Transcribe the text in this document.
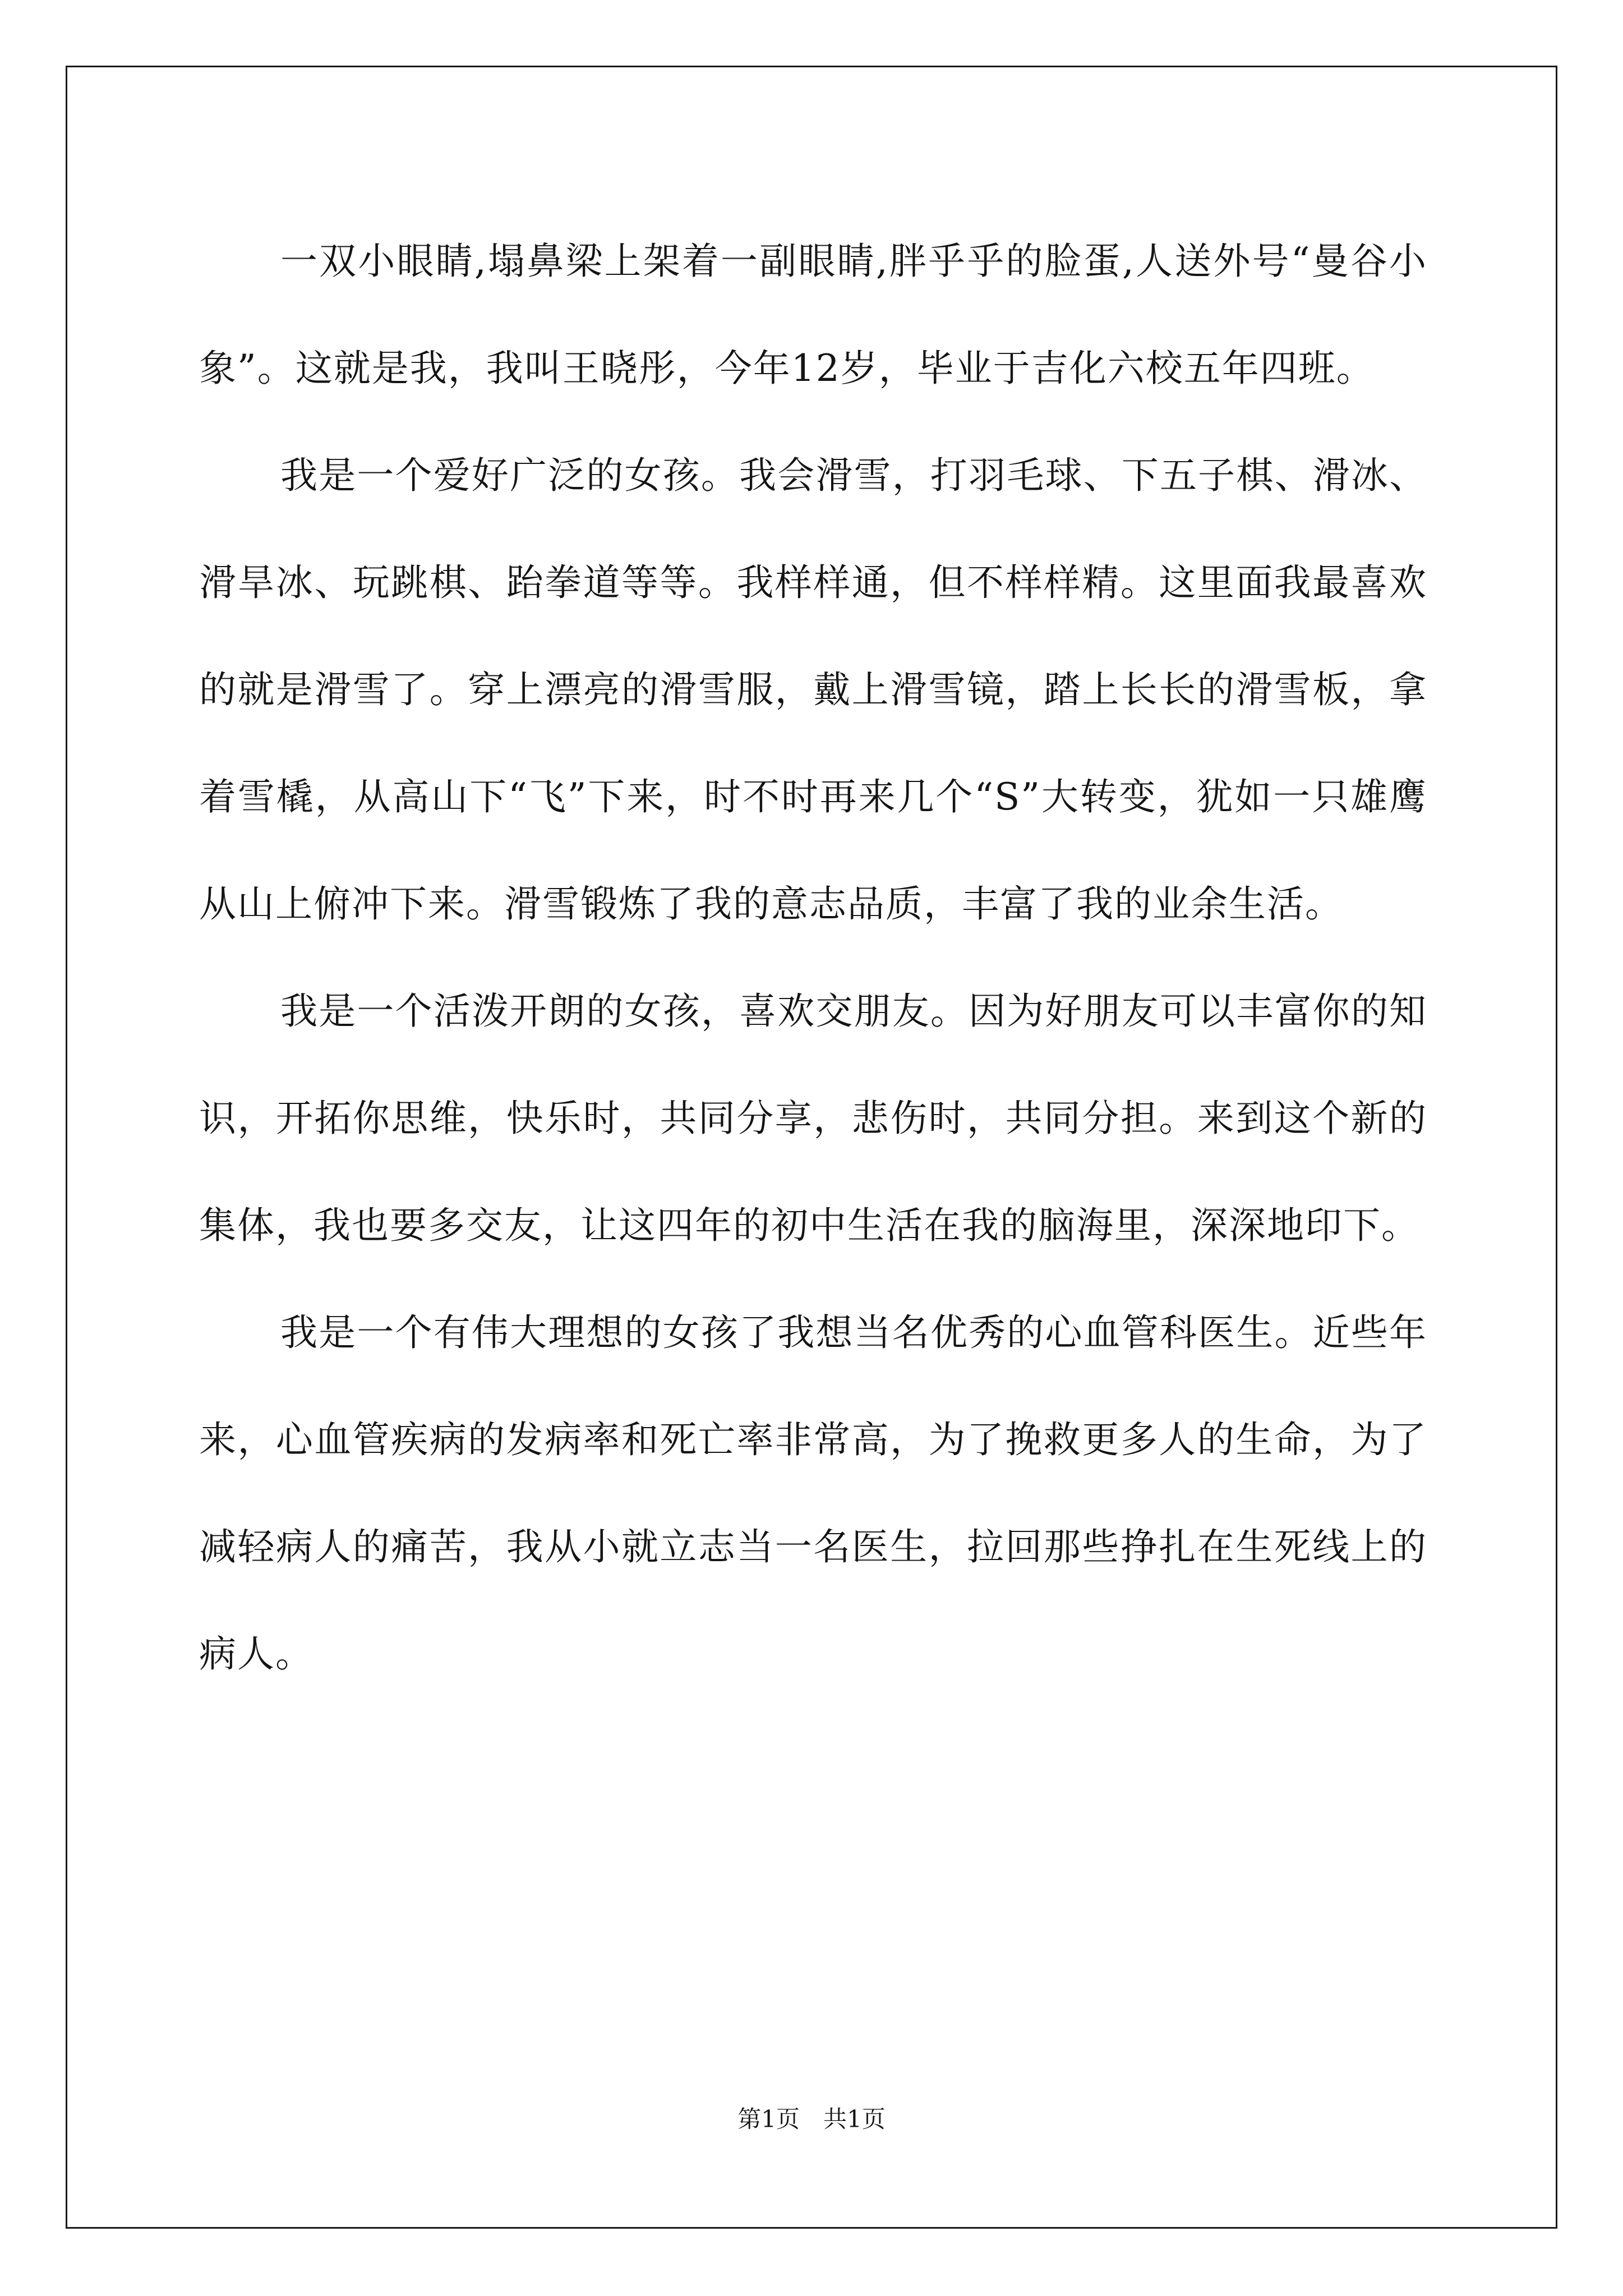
一双小眼睛,塌鼻梁上架着一副眼睛,胖乎乎的脸蛋,人送外号“曼谷小象”。这就是我，我叫王晓彤，今年12岁，毕业于吉化六校五年四班。

我是一个爱好广泛的女孩。我会滑雪，打羽毛球、下五子棋、滑冰、滑旱冰、玩跳棋、跆拳道等等。我样样通，但不样样精。这里面我最喜欢的就是滑雪了。穿上漂亮的滑雪服，戴上滑雪镜，踏上长长的滑雪板，拿着雪橇，从高山下“飞”下来，时不时再来几个“S”大转变，犹如一只雄鹰从山上俯冲下来。滑雪锻炼了我的意志品质，丰富了我的业余生活。

我是一个活泼开朗的女孩，喜欢交朋友。因为好朋友可以丰富你的知识，开拓你思维，快乐时，共同分享，悲伤时，共同分担。来到这个新的集体，我也要多交友，让这四年的初中生活在我的脑海里，深深地印下。

我是一个有伟大理想的女孩了我想当名优秀的心血管科医生。近些年来，心血管疾病的发病率和死亡率非常高，为了挽救更多人的生命，为了减轻病人的痛苦，我从小就立志当一名医生，拉回那些挣扎在生死线上的病人。

第1页　共1页
